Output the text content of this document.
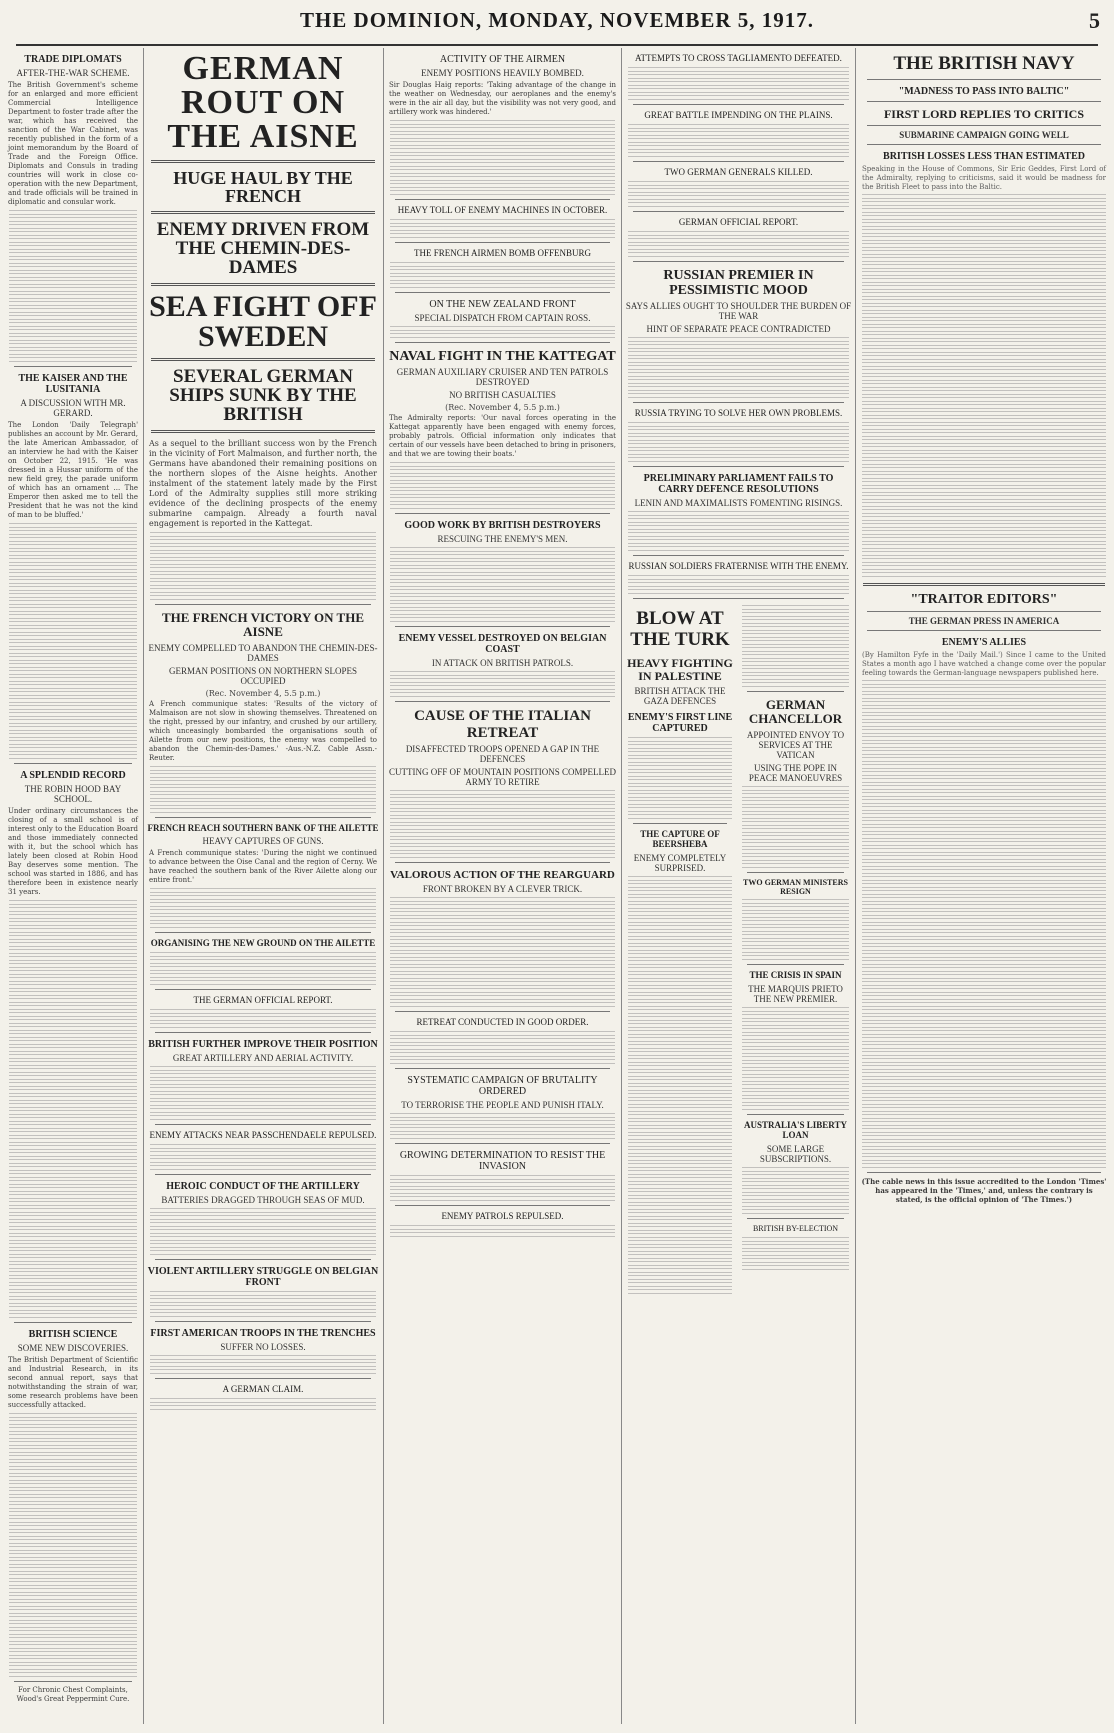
THE DOMINION, MONDAY, NOVEMBER 5, 1917.	5
TRADE DIPLOMATS
AFTER-THE-WAR SCHEME.
The British Government's scheme for an enlarged and more efficient Commercial Intelligence Department to foster trade after the war, which has received the sanction of the War Cabinet, was recently published in the form of a joint memorandum by the Board of Trade and the Foreign Office. Diplomats and Consuls in trading countries will work in close co-operation with the new Department, and trade officials will be trained in diplomatic and consular work.
THE KAISER AND THE LUSITANIA
A DISCUSSION WITH MR. GERARD.
The London 'Daily Telegraph' publishes an account by Mr. Gerard, the late American Ambassador, of an interview he had with the Kaiser on October 22, 1915. 'He was dressed in a Hussar uniform of the new field grey, the parade uniform of which has an ornament ... The Emperor then asked me to tell the President that he was not the kind of man to be bluffed.'
A SPLENDID RECORD
THE ROBIN HOOD BAY SCHOOL.
Under ordinary circumstances the closing of a small school is of interest only to the Education Board and those immediately connected with it, but the school which has lately been closed at Robin Hood Bay deserves some mention. The school was started in 1886, and has therefore been in existence nearly 31 years.
BRITISH SCIENCE
SOME NEW DISCOVERIES.
The British Department of Scientific and Industrial Research, in its second annual report, says that notwithstanding the strain of war, some research problems have been successfully attacked.
For Chronic Chest Complaints, Wood's Great Peppermint Cure.
GERMAN ROUT ON THE AISNE
HUGE HAUL BY THE FRENCH
ENEMY DRIVEN FROM THE CHEMIN-DES-DAMES
SEA FIGHT OFF SWEDEN
SEVERAL GERMAN SHIPS SUNK BY THE BRITISH
As a sequel to the brilliant success won by the French in the vicinity of Fort Malmaison, and further north, the Germans have abandoned their remaining positions on the northern slopes of the Aisne heights. Another instalment of the statement lately made by the First Lord of the Admiralty supplies still more striking evidence of the declining prospects of the enemy submarine campaign. Already a fourth naval engagement is reported in the Kattegat.
THE FRENCH VICTORY ON THE AISNE
ENEMY COMPELLED TO ABANDON THE CHEMIN-DES-DAMES
GERMAN POSITIONS ON NORTHERN SLOPES OCCUPIED
(Rec. November 4, 5.5 p.m.)
A French communique states: 'Results of the victory of Malmaison are not slow in showing themselves. Threatened on the right, pressed by our infantry, and crushed by our artillery, which unceasingly bombarded the organisations south of Ailette from our new positions, the enemy was compelled to abandon the Chemin-des-Dames.' -Aus.-N.Z. Cable Assn.-Reuter.
FRENCH REACH SOUTHERN BANK OF THE AILETTE
HEAVY CAPTURES OF GUNS.
A French communique states: 'During the night we continued to advance between the Oise Canal and the region of Cerny. We have reached the southern bank of the River Ailette along our entire front.'
ORGANISING THE NEW GROUND ON THE AILETTE
THE GERMAN OFFICIAL REPORT.
BRITISH FURTHER IMPROVE THEIR POSITION
GREAT ARTILLERY AND AERIAL ACTIVITY.
ENEMY ATTACKS NEAR PASSCHENDAELE REPULSED.
HEROIC CONDUCT OF THE ARTILLERY
BATTERIES DRAGGED THROUGH SEAS OF MUD.
VIOLENT ARTILLERY STRUGGLE ON BELGIAN FRONT
FIRST AMERICAN TROOPS IN THE TRENCHES
SUFFER NO LOSSES.
A GERMAN CLAIM.
ACTIVITY OF THE AIRMEN
ENEMY POSITIONS HEAVILY BOMBED.
Sir Douglas Haig reports: 'Taking advantage of the change in the weather on Wednesday, our aeroplanes and the enemy's were in the air all day, but the visibility was not very good, and artillery work was hindered.'
HEAVY TOLL OF ENEMY MACHINES IN OCTOBER.
THE FRENCH AIRMEN BOMB OFFENBURG
ON THE NEW ZEALAND FRONT
SPECIAL DISPATCH FROM CAPTAIN ROSS.
NAVAL FIGHT IN THE KATTEGAT
GERMAN AUXILIARY CRUISER AND TEN PATROLS DESTROYED
NO BRITISH CASUALTIES
(Rec. November 4, 5.5 p.m.)
The Admiralty reports: 'Our naval forces operating in the Kattegat apparently have been engaged with enemy forces, probably patrols. Official information only indicates that certain of our vessels have been detached to bring in prisoners, and that we are towing their boats.'
GOOD WORK BY BRITISH DESTROYERS
RESCUING THE ENEMY'S MEN.
ENEMY VESSEL DESTROYED ON BELGIAN COAST
IN ATTACK ON BRITISH PATROLS.
CAUSE OF THE ITALIAN RETREAT
DISAFFECTED TROOPS OPENED A GAP IN THE DEFENCES
CUTTING OFF OF MOUNTAIN POSITIONS COMPELLED ARMY TO RETIRE
VALOROUS ACTION OF THE REARGUARD
FRONT BROKEN BY A CLEVER TRICK.
RETREAT CONDUCTED IN GOOD ORDER.
SYSTEMATIC CAMPAIGN OF BRUTALITY ORDERED
TO TERRORISE THE PEOPLE AND PUNISH ITALY.
GROWING DETERMINATION TO RESIST THE INVASION
ENEMY PATROLS REPULSED.
ATTEMPTS TO CROSS TAGLIAMENTO DEFEATED.
GREAT BATTLE IMPENDING ON THE PLAINS.
TWO GERMAN GENERALS KILLED.
GERMAN OFFICIAL REPORT.
RUSSIAN PREMIER IN PESSIMISTIC MOOD
SAYS ALLIES OUGHT TO SHOULDER THE BURDEN OF THE WAR
HINT OF SEPARATE PEACE CONTRADICTED
RUSSIA TRYING TO SOLVE HER OWN PROBLEMS.
PRELIMINARY PARLIAMENT FAILS TO CARRY DEFENCE RESOLUTIONS
LENIN AND MAXIMALISTS FOMENTING RISINGS.
RUSSIAN SOLDIERS FRATERNISE WITH THE ENEMY.
BLOW AT THE TURK
HEAVY FIGHTING IN PALESTINE
BRITISH ATTACK THE GAZA DEFENCES
ENEMY'S FIRST LINE CAPTURED
THE CAPTURE OF BEERSHEBA
ENEMY COMPLETELY SURPRISED.
GERMAN CHANCELLOR
APPOINTED ENVOY TO SERVICES AT THE VATICAN
USING THE POPE IN PEACE MANOEUVRES
TWO GERMAN MINISTERS RESIGN
THE CRISIS IN SPAIN
THE MARQUIS PRIETO THE NEW PREMIER.
AUSTRALIA'S LIBERTY LOAN
SOME LARGE SUBSCRIPTIONS.
BRITISH BY-ELECTION
THE BRITISH NAVY
"MADNESS TO PASS INTO BALTIC"
FIRST LORD REPLIES TO CRITICS
SUBMARINE CAMPAIGN GOING WELL
BRITISH LOSSES LESS THAN ESTIMATED
Speaking in the House of Commons, Sir Eric Geddes, First Lord of the Admiralty, replying to criticisms, said it would be madness for the British Fleet to pass into the Baltic.
"TRAITOR EDITORS"
THE GERMAN PRESS IN AMERICA
ENEMY'S ALLIES
(By Hamilton Fyfe in the 'Daily Mail.') Since I came to the United States a month ago I have watched a change come over the popular feeling towards the German-language newspapers published here.
(The cable news in this issue accredited to the London 'Times' has appeared in the 'Times,' and, unless the contrary is stated, is the official opinion of 'The Times.')
